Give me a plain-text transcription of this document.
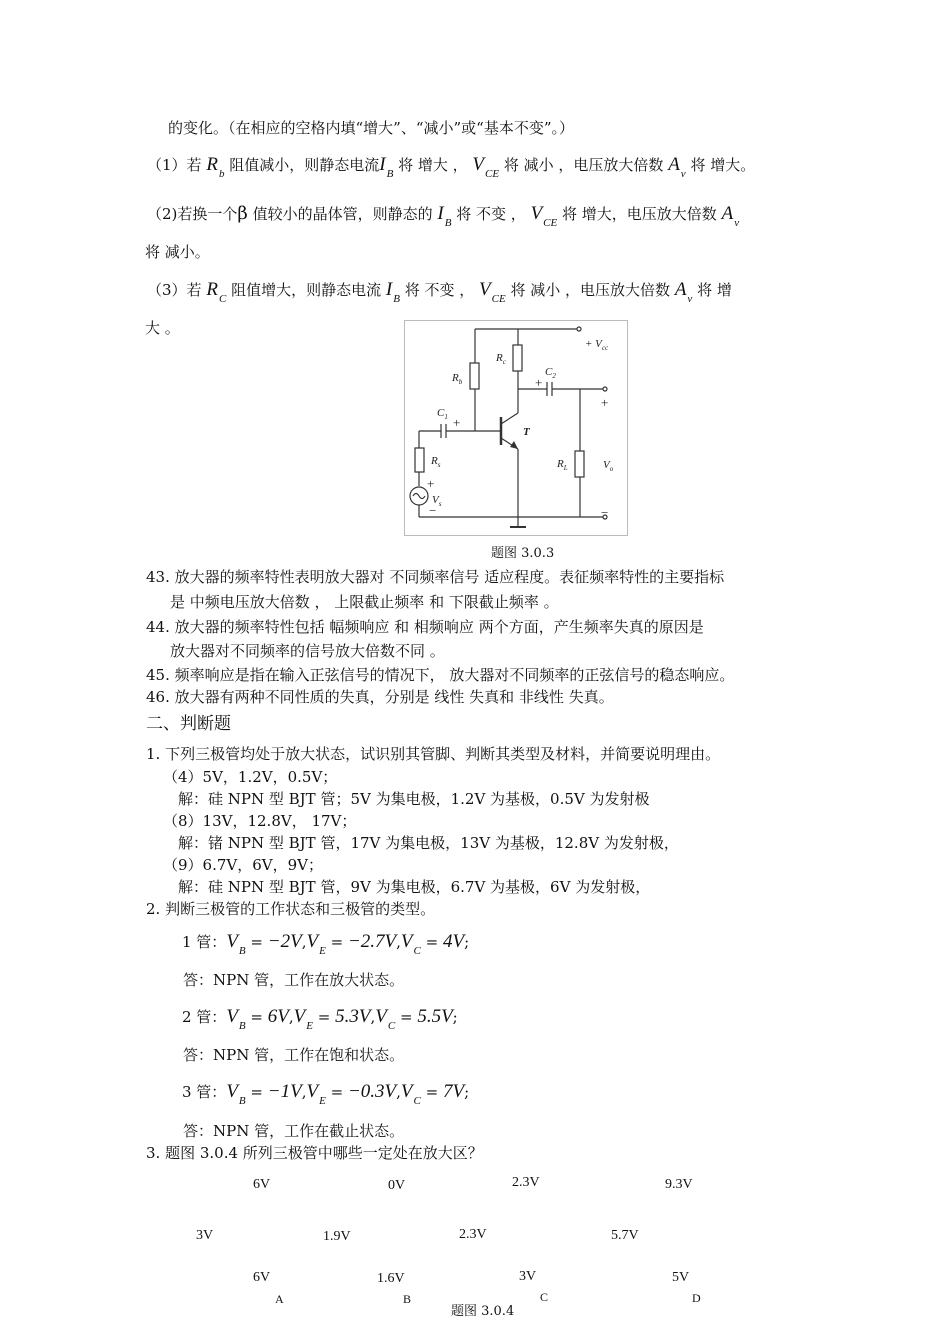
的变化。（在相应的空格内填“增大”、“减小”或“基本不变”。）
（1）若 $R_b$ 阻值减小，则静态电流$I_B$ 将 增大 ， $V_{CE}$ 将 减小 ，电压放大倍数 $A_v$ 将 增大。
（2)若换一个β 值较小的晶体管，则静态的 $I_B$ 将 不变 ， $V_{CE}$ 将 增大，电压放大倍数 $A_v$
将 减小。
（3）若 $R_C$ 阻值增大，则静态电流 $I_B$ 将 不变 ， $V_{CE}$ 将 减小 ，电压放大倍数 $A_v$ 将 增
大 。
+ $V_{cc}$
$R_c$
$R_b$
$C_1$
$C_2$
T
$R_s$	$R_L$	$V_o$
$V_s$
+
+
+
−
+
−
题图 3.0.3
43. 放大器的频率特性表明放大器对 不同频率信号 适应程度。表征频率特性的主要指标
是 中频电压放大倍数 ， 上限截止频率 和 下限截止频率 。
44. 放大器的频率特性包括 幅频响应 和 相频响应 两个方面，产生频率失真的原因是
放大器对不同频率的信号放大倍数不同 。
45. 频率响应是指在输入正弦信号的情况下， 放大器对不同频率的正弦信号的稳态响应。
46. 放大器有两种不同性质的失真，分别是 线性 失真和 非线性 失真。
二、判断题
1. 下列三极管均处于放大状态，试识别其管脚、判断其类型及材料，并简要说明理由。
（4）5V，1.2V，0.5V；
解：硅 NPN 型 BJT 管；5V 为集电极，1.2V 为基极，0.5V 为发射极
（8）13V，12.8V， 17V；
解：锗 NPN 型 BJT 管，17V 为集电极，13V 为基极，12.8V 为发射极，
（9）6.7V，6V，9V；
解：硅 NPN 型 BJT 管，9V 为集电极，6.7V 为基极，6V 为发射极，
2. 判断三极管的工作状态和三极管的类型。
1 管：$V_B = -2V,V_E = -2.7V,V_C = 4V$;
答：NPN 管，工作在放大状态。
2 管：$V_B = 6V,V_E = 5.3V,V_C = 5.5V$;
答：NPN 管，工作在饱和状态。
3 管：$V_B = -1V,V_E = -0.3V,V_C = 7V$;
答：NPN 管，工作在截止状态。
3. 题图 3.0.4 所列三极管中哪些一定处在放大区？
6V	0V	2.3V	9.3V
3V	1.9V	2.3V	5.7V
6V	1.6V	3V	5V
A	B	C	D
题图 3.0.4
